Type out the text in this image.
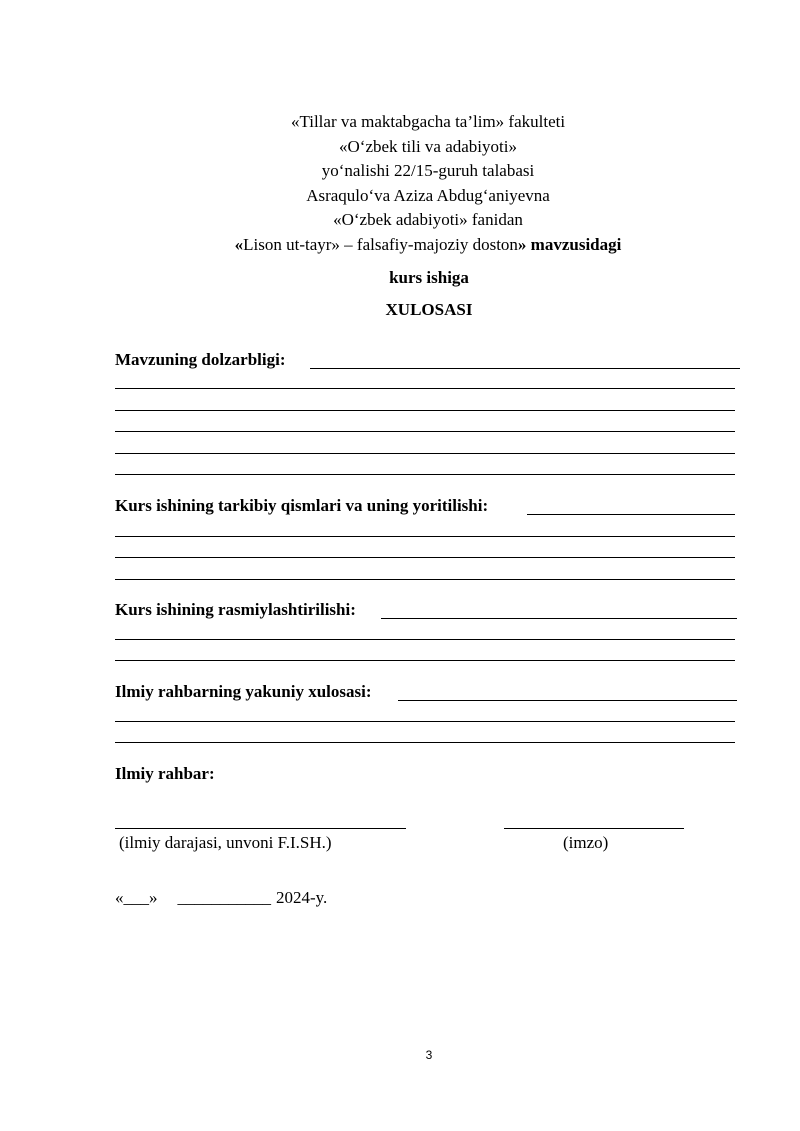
«Tillar va maktabgacha ta’lim» fakulteti
«O‘zbek tili va adabiyoti»
yo‘nalishi 22/15-guruh talabasi
Asraqulo‘va Aziza Abdug‘aniyevna
«O‘zbek adabiyoti» fanidan
«Lison ut-tayr» – falsafiy-majoziy doston» mavzusidagi
kurs ishiga
XULOSASI
Mavzuning dolzarbligi:
Kurs ishining tarkibiy qismlari va uning yoritilishi:
Kurs ishining rasmiylashtirilishi:
Ilmiy rahbarning yakuniy xulosasi:
Ilmiy rahbar:
(ilmiy darajasi, unvoni F.I.SH.)	(imzo)
«___» ___________ 2024-y.
3
